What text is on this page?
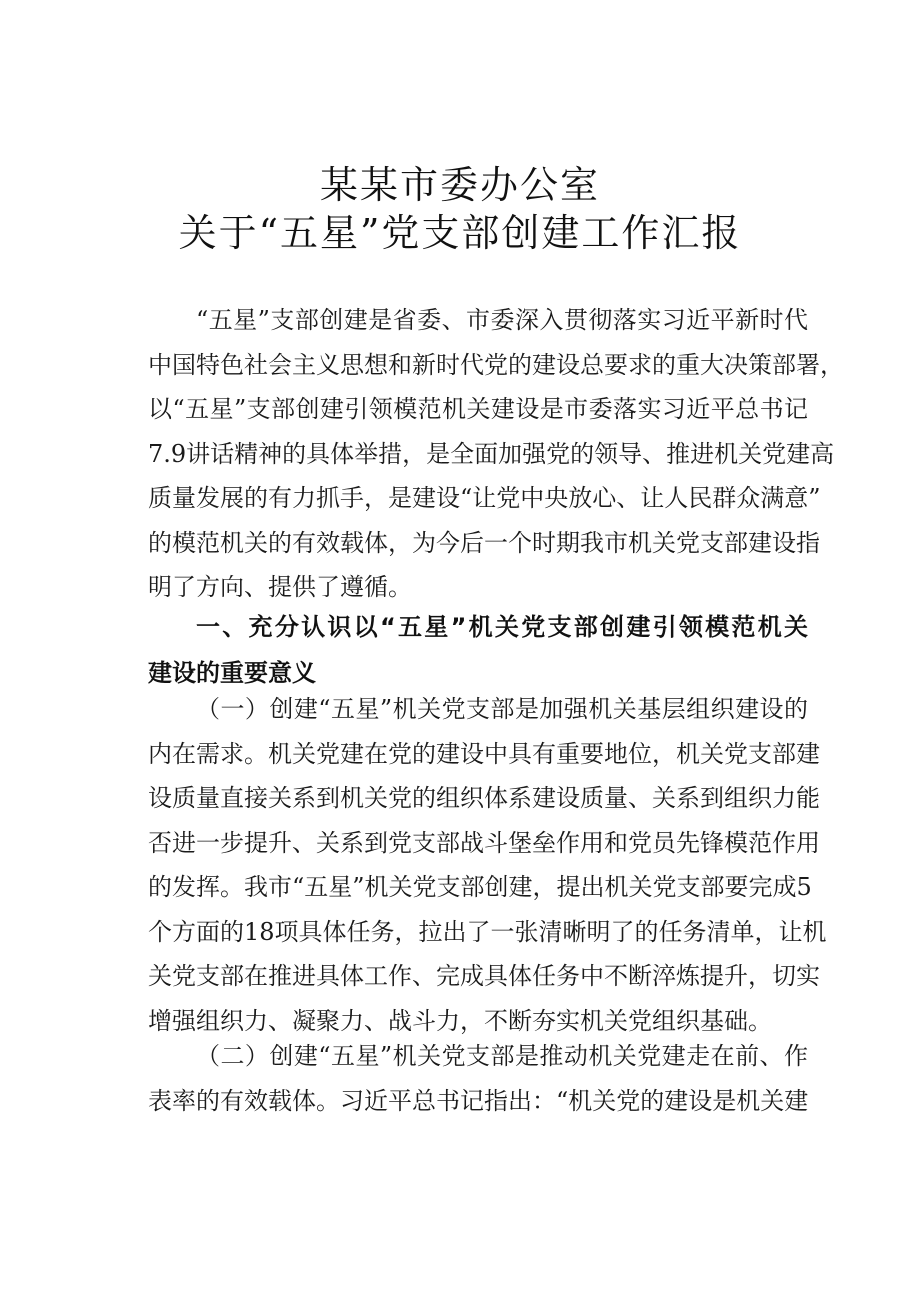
某某市委办公室
关于“五星”党支部创建工作汇报
“五星”支部创建是省委、市委深入贯彻落实习近平新时代
中国特色社会主义思想和新时代党的建设总要求的重大决策部署，
以“五星”支部创建引领模范机关建设是市委落实习近平总书记
7.9讲话精神的具体举措，是全面加强党的领导、推进机关党建高
质量发展的有力抓手，是建设“让党中央放心、让人民群众满意”
的模范机关的有效载体，为今后一个时期我市机关党支部建设指
明了方向、提供了遵循。
一、充分认识以“五星”机关党支部创建引领模范机关
建设的重要意义
（一）创建“五星”机关党支部是加强机关基层组织建设的
内在需求。机关党建在党的建设中具有重要地位，机关党支部建
设质量直接关系到机关党的组织体系建设质量、关系到组织力能
否进一步提升、关系到党支部战斗堡垒作用和党员先锋模范作用
的发挥。我市“五星”机关党支部创建，提出机关党支部要完成5
个方面的18项具体任务，拉出了一张清晰明了的任务清单，让机
关党支部在推进具体工作、完成具体任务中不断淬炼提升，切实
增强组织力、凝聚力、战斗力，不断夯实机关党组织基础。
（二）创建“五星”机关党支部是推动机关党建走在前、作
表率的有效载体。习近平总书记指出：“机关党的建设是机关建
